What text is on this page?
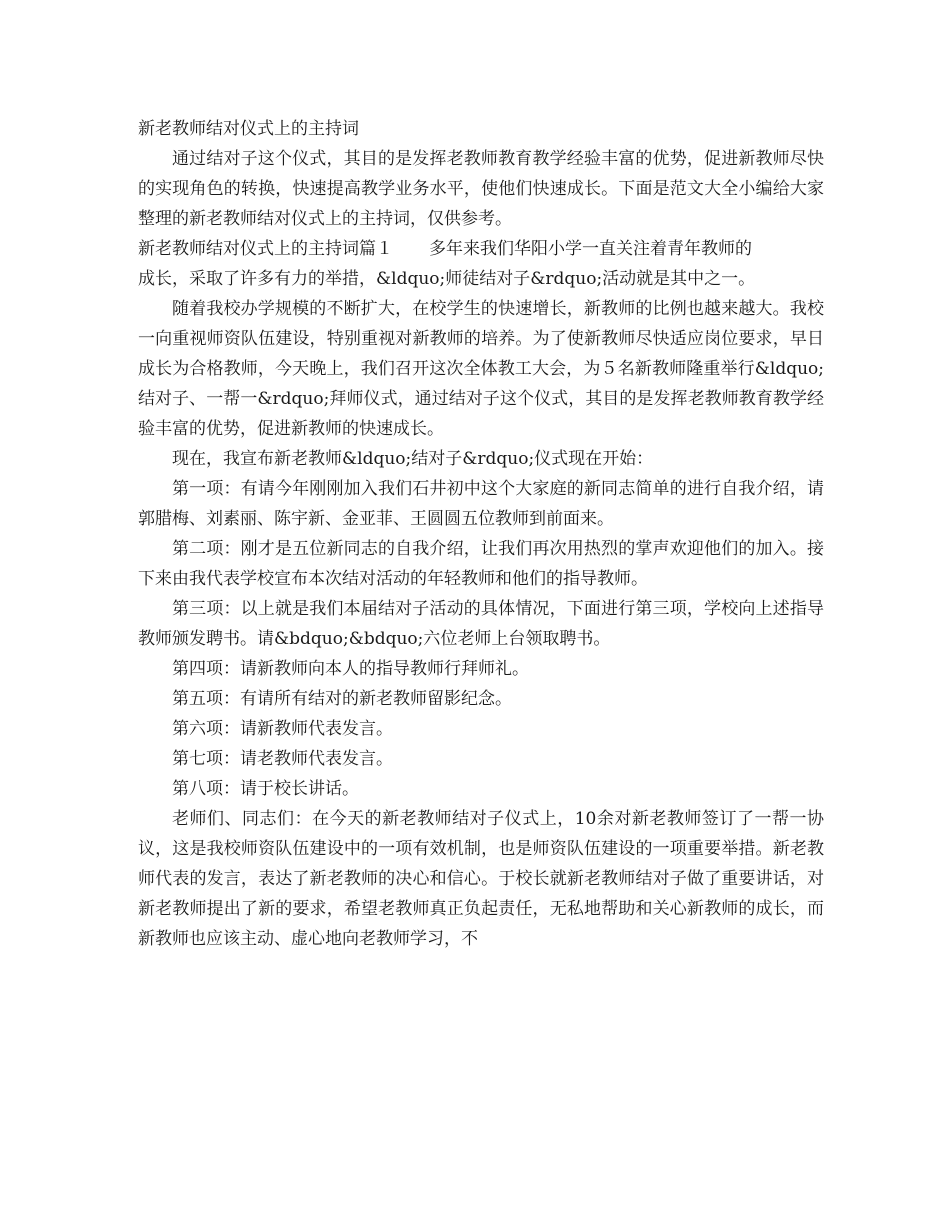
新老教师结对仪式上的主持词

通过结对子这个仪式，其目的是发挥老教师教育教学经验丰富的优势，促进新教师尽快的实现角色的转换，快速提高教学业务水平，使他们快速成长。下面是范文大全小编给大家整理的新老教师结对仪式上的主持词，仅供参考。

新老教师结对仪式上的主持词篇１ 多年来我们华阳小学一直关注着青年教师的

成长，采取了许多有力的举措，&ldquo;师徒结对子&rdquo;活动就是其中之一。

随着我校办学规模的不断扩大，在校学生的快速增长，新教师的比例也越来越大。我校一向重视师资队伍建设，特别重视对新教师的培养。为了使新教师尽快适应岗位要求，早日成长为合格教师，今天晚上，我们召开这次全体教工大会，为５名新教师隆重举行&ldquo;结对子、一帮一&rdquo;拜师仪式，通过结对子这个仪式，其目的是发挥老教师教育教学经验丰富的优势，促进新教师的快速成长。

现在，我宣布新老教师&ldquo;结对子&rdquo;仪式现在开始：

第一项：有请今年刚刚加入我们石井初中这个大家庭的新同志简单的进行自我介绍，请郭腊梅、刘素丽、陈宇新、金亚菲、王圆圆五位教师到前面来。

第二项：刚才是五位新同志的自我介绍，让我们再次用热烈的掌声欢迎他们的加入。接下来由我代表学校宣布本次结对活动的年轻教师和他们的指导教师。

第三项：以上就是我们本届结对子活动的具体情况，下面进行第三项，学校向上述指导教师颁发聘书。请&bdquo;&bdquo;六位老师上台领取聘书。

第四项：请新教师向本人的指导教师行拜师礼。

第五项：有请所有结对的新老教师留影纪念。

第六项：请新教师代表发言。

第七项：请老教师代表发言。

第八项：请于校长讲话。

老师们、同志们：在今天的新老教师结对子仪式上，10余对新老教师签订了一帮一协议，这是我校师资队伍建设中的一项有效机制，也是师资队伍建设的一项重要举措。新老教师代表的发言，表达了新老教师的决心和信心。于校长就新老教师结对子做了重要讲话，对新老教师提出了新的要求，希望老教师真正负起责任，无私地帮助和关心新教师的成长，而新教师也应该主动、虚心地向老教师学习，不
